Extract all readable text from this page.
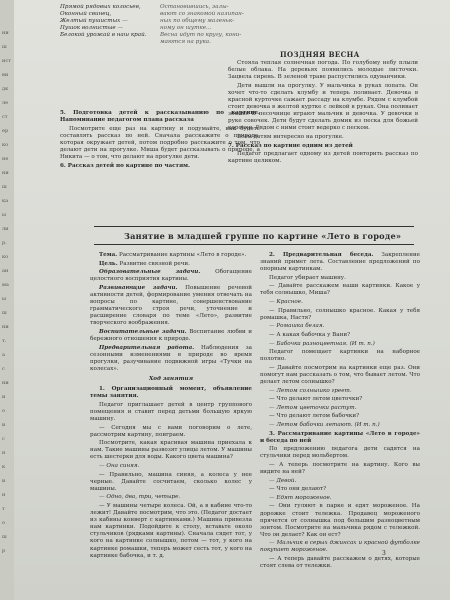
ни
ш
ист
ви
дк
ле
ст
ер
ко
не
ни
ш
ка
ы
ли
р.
ко
ан
ма
ы
ш
ни
т.
а
с
ни
и
о
и
с
н
к
и
н
т
о
ш
р
Прямой рядовых колосьев,
Оконный свинец,
Желтый пушистых —
Пушок волнистые —
Белокой урожай в наш край.
Остановившись, залы-
вают со знакомой налипан-
ных по общему маленьк-
ному он шутке...
Весна идут по кругу, кони-
маются на рука.

5. Подготовка детей к рассказыванию по картине. Напоминание педагогом плана рассказа

Посмотрите еще раз на картину и подумайте, как будете составлять рассказ по ней. Сначала расскажите о природе, которая окружает детей, потом подробно расскажите о том, что делают дети на прогулке. Миша будет рассказывать о природе, а Никита — о том, что делают на прогулке дети.

6. Рассказ детей по картине по частям.

ПОЗДНЯЯ ВЕСНА

Стояла теплая солнечная погода. По голубому небу плыли белые облака. На деревьях появились молодые листочки. Зацвела сирень. В зеленой траве распустились одуванчики.

Дети вышли на прогулку. У мальчика в руках лопата. Он хочет что-то сделать клумбу и теперь поливает. Девочка в красной курточке сажает рассаду на клумбе. Рядом с клумбой стоит девочка в желтой куртке с лейкой в руках. Она поливает землю. В песочнице играют мальчик и девочка. У девочки в руке совочек. Дети будут сделать домик из песка для божьей коровки. Рядом с ними стоит ведерко с песком.

Всем детям интересно на прогулке.

7. Рассказ по картине одним из детей

Педагог предлагает одному из детей повторить рассказ по картине целиком.

Занятие в младшей группе по картине «Лето в городе»

Тема. Рассматривание картины «Лето в городе».

Цель. Развитие связной речи.

Образовательные задачи.	Обогащение целостного восприятия картины.

Развивающие задачи. Повышение речевой активности детей, формирование умения отвечать на вопросы по картине, совершенствование грамматического строя речи, уточнение и расширение словаря по теме «Лето», развитие творческого воображения.

Воспитательные задачи. Воспитание любви и бережного отношения к природе.

Предварительная работа. Наблюдения за сезонными изменениями в природе во время прогулки, разучивание подвижной игры «Тучки на колесах».

Ход занятия

1. Организационный момент, объявление темы занятия.

Педагог приглашает детей в центр группового помещения и ставит перед детьми большую яркую машину.

— Сегодня мы с вами поговорим о лете, рассмотрим картину, поиграем.

Посмотрите, какая красивая машина приехала к нам. Такие машины развозят улицы летом. У машины есть шестерки для воды. Какого цвета машина?

— Она синяя.

— Правильно, машина синяя, а колеса у нее черные. Давайте сосчитаем, сколько колес у машины.

— Одно, два, три, четыре.

— У машины четыре колеса. Ой, а в кабине что-то лежит! Давайте посмотрим, что это. (Педагог достает из кабины конверт с картинками.) Машина привезла нам картинки. Подойдите к столу, вставьте около стульчиков (рядками картины). Сначала сядет тот, у кого на картинке солнышко, потом — тот, у кого на картинке ромашки, теперь может сесть тот, у кого на картинке бабочка, и т. д.

2. Предварительная беседа. Закрепление знаний примет лета. Составление предложений по опорным картинкам.

Педагог убирает машину.

— Давайте расскажем наши картинки. Какое у тебя солнышко, Миша?

— Красное.

— Правильно, солнышко красное. Какая у тебя ромашка, Настя?

— Ромашка белая.

— А какая бабочка у Вани?

— Бабочка разноцветная. (И т. п.)

Педагог помещает картинки на наборное полотно.

— Давайте посмотрим на картинки еще раз. Они помогут нам рассказать о том, что бывает летом. Что делает летом солнышко?

— Летом солнышко греет.

— Что делают летом цветочки?

— Летом цветочки растут.

— Что делают летом бабочки?

— Летом бабочки летают. (И т. п.)

3. Рассматривание картины «Лето в городе» и беседа по ней

По предложению педагога дети садятся на стульчики перед мольбертом.

— А теперь посмотрите на картину. Кого вы видите на ней?

— Девой.

— Что они делают?

— Едят мороженое.

— Они гуляют в парке и едят мороженое. На дорожке стоит тележка. Продавец мороженого прячется от солнышка под большим разноцветным зонтом. Посмотрите на мальчика рядом с тележкой. Что он делает? Как он ест?

— Мальчик в серых джинсах и красной футболке покупает мороженое.

— А теперь давайте расскажем о детях, которые стоят слева от тележки.

3
